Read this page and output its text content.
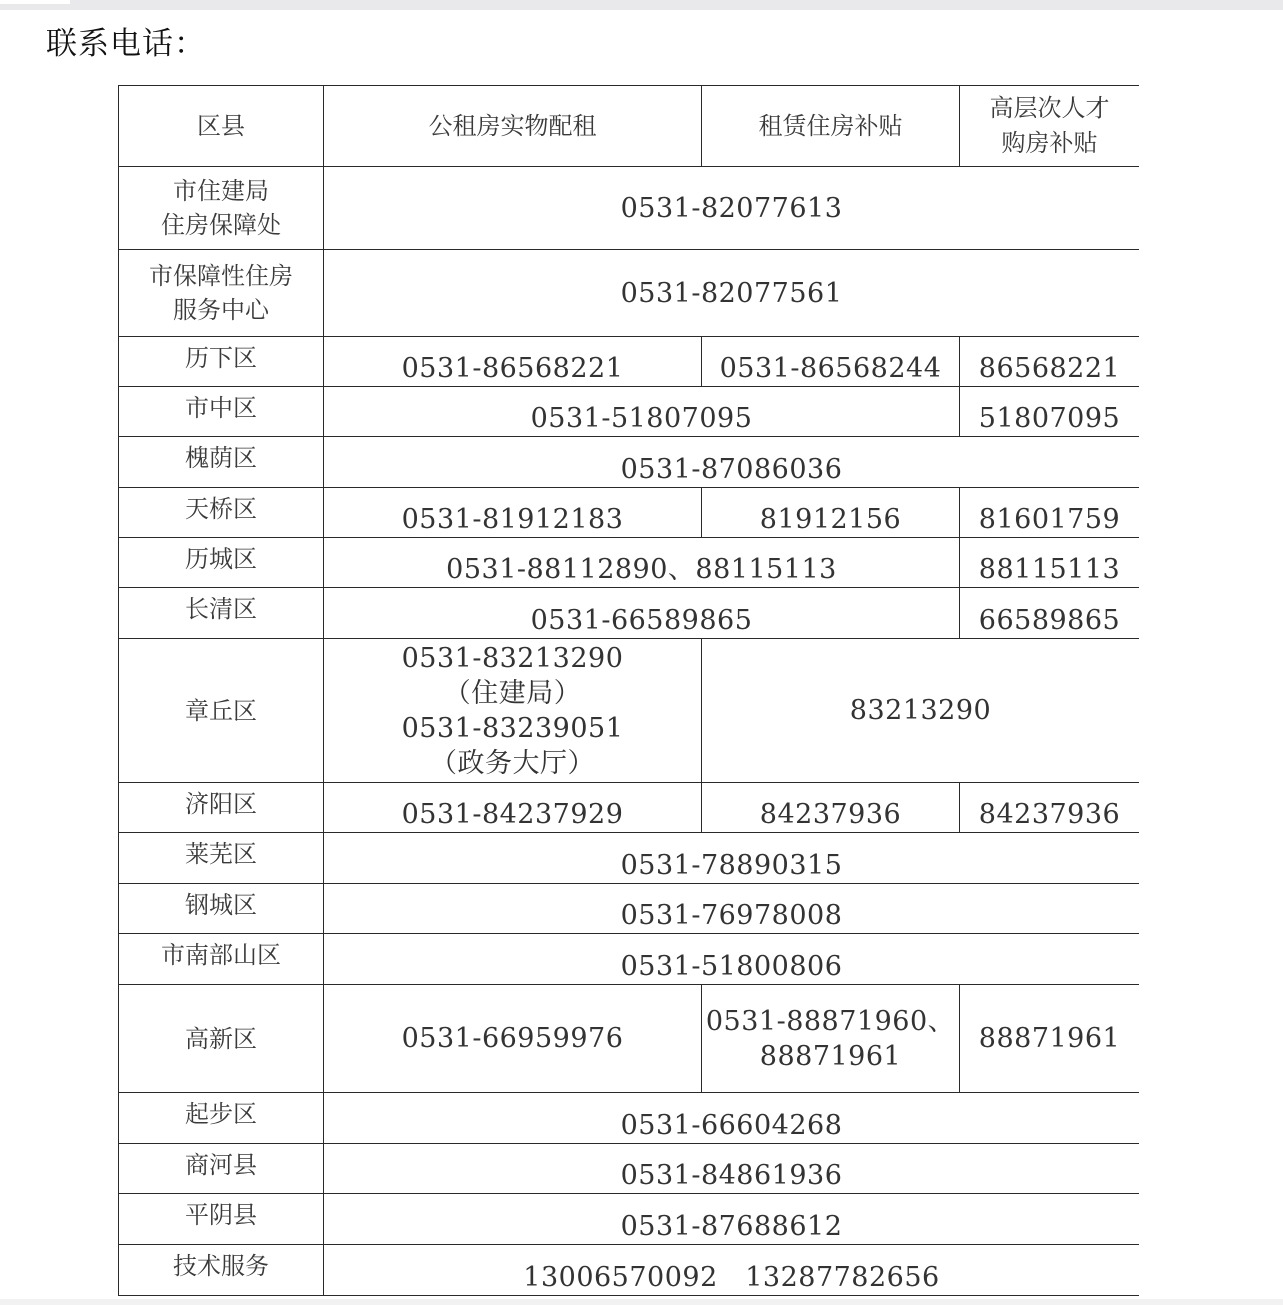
联系电话：
区县	公租房实物配租	租赁住房补贴	高层次人才
购房补贴

市住建局
住房保障处	0531-82077613		

市保障性住房
服务中心	0531-82077561		
历下区	0531-86568221	0531-86568244	86568221
市中区	0531-51807095		51807095
槐荫区	0531-87086036		
天桥区	0531-81912183	81912156	81601759
历城区	0531-88112890、88115113		88115113
长清区	0531-66589865		66589865
章丘区	0531-83213290
（住建局）
0531-83239051
（政务大厅）	83213290	
济阳区	0531-84237929	84237936	84237936
莱芜区	0531-78890315		
钢城区	0531-76978008		
市南部山区	0531-51800806		
高新区	0531-66959976	0531-88871960、
88871961	88871961
起步区	0531-66604268		
商河县	0531-84861936		
平阴县	0531-87688612		
技术服务	13006570092　13287782656		
